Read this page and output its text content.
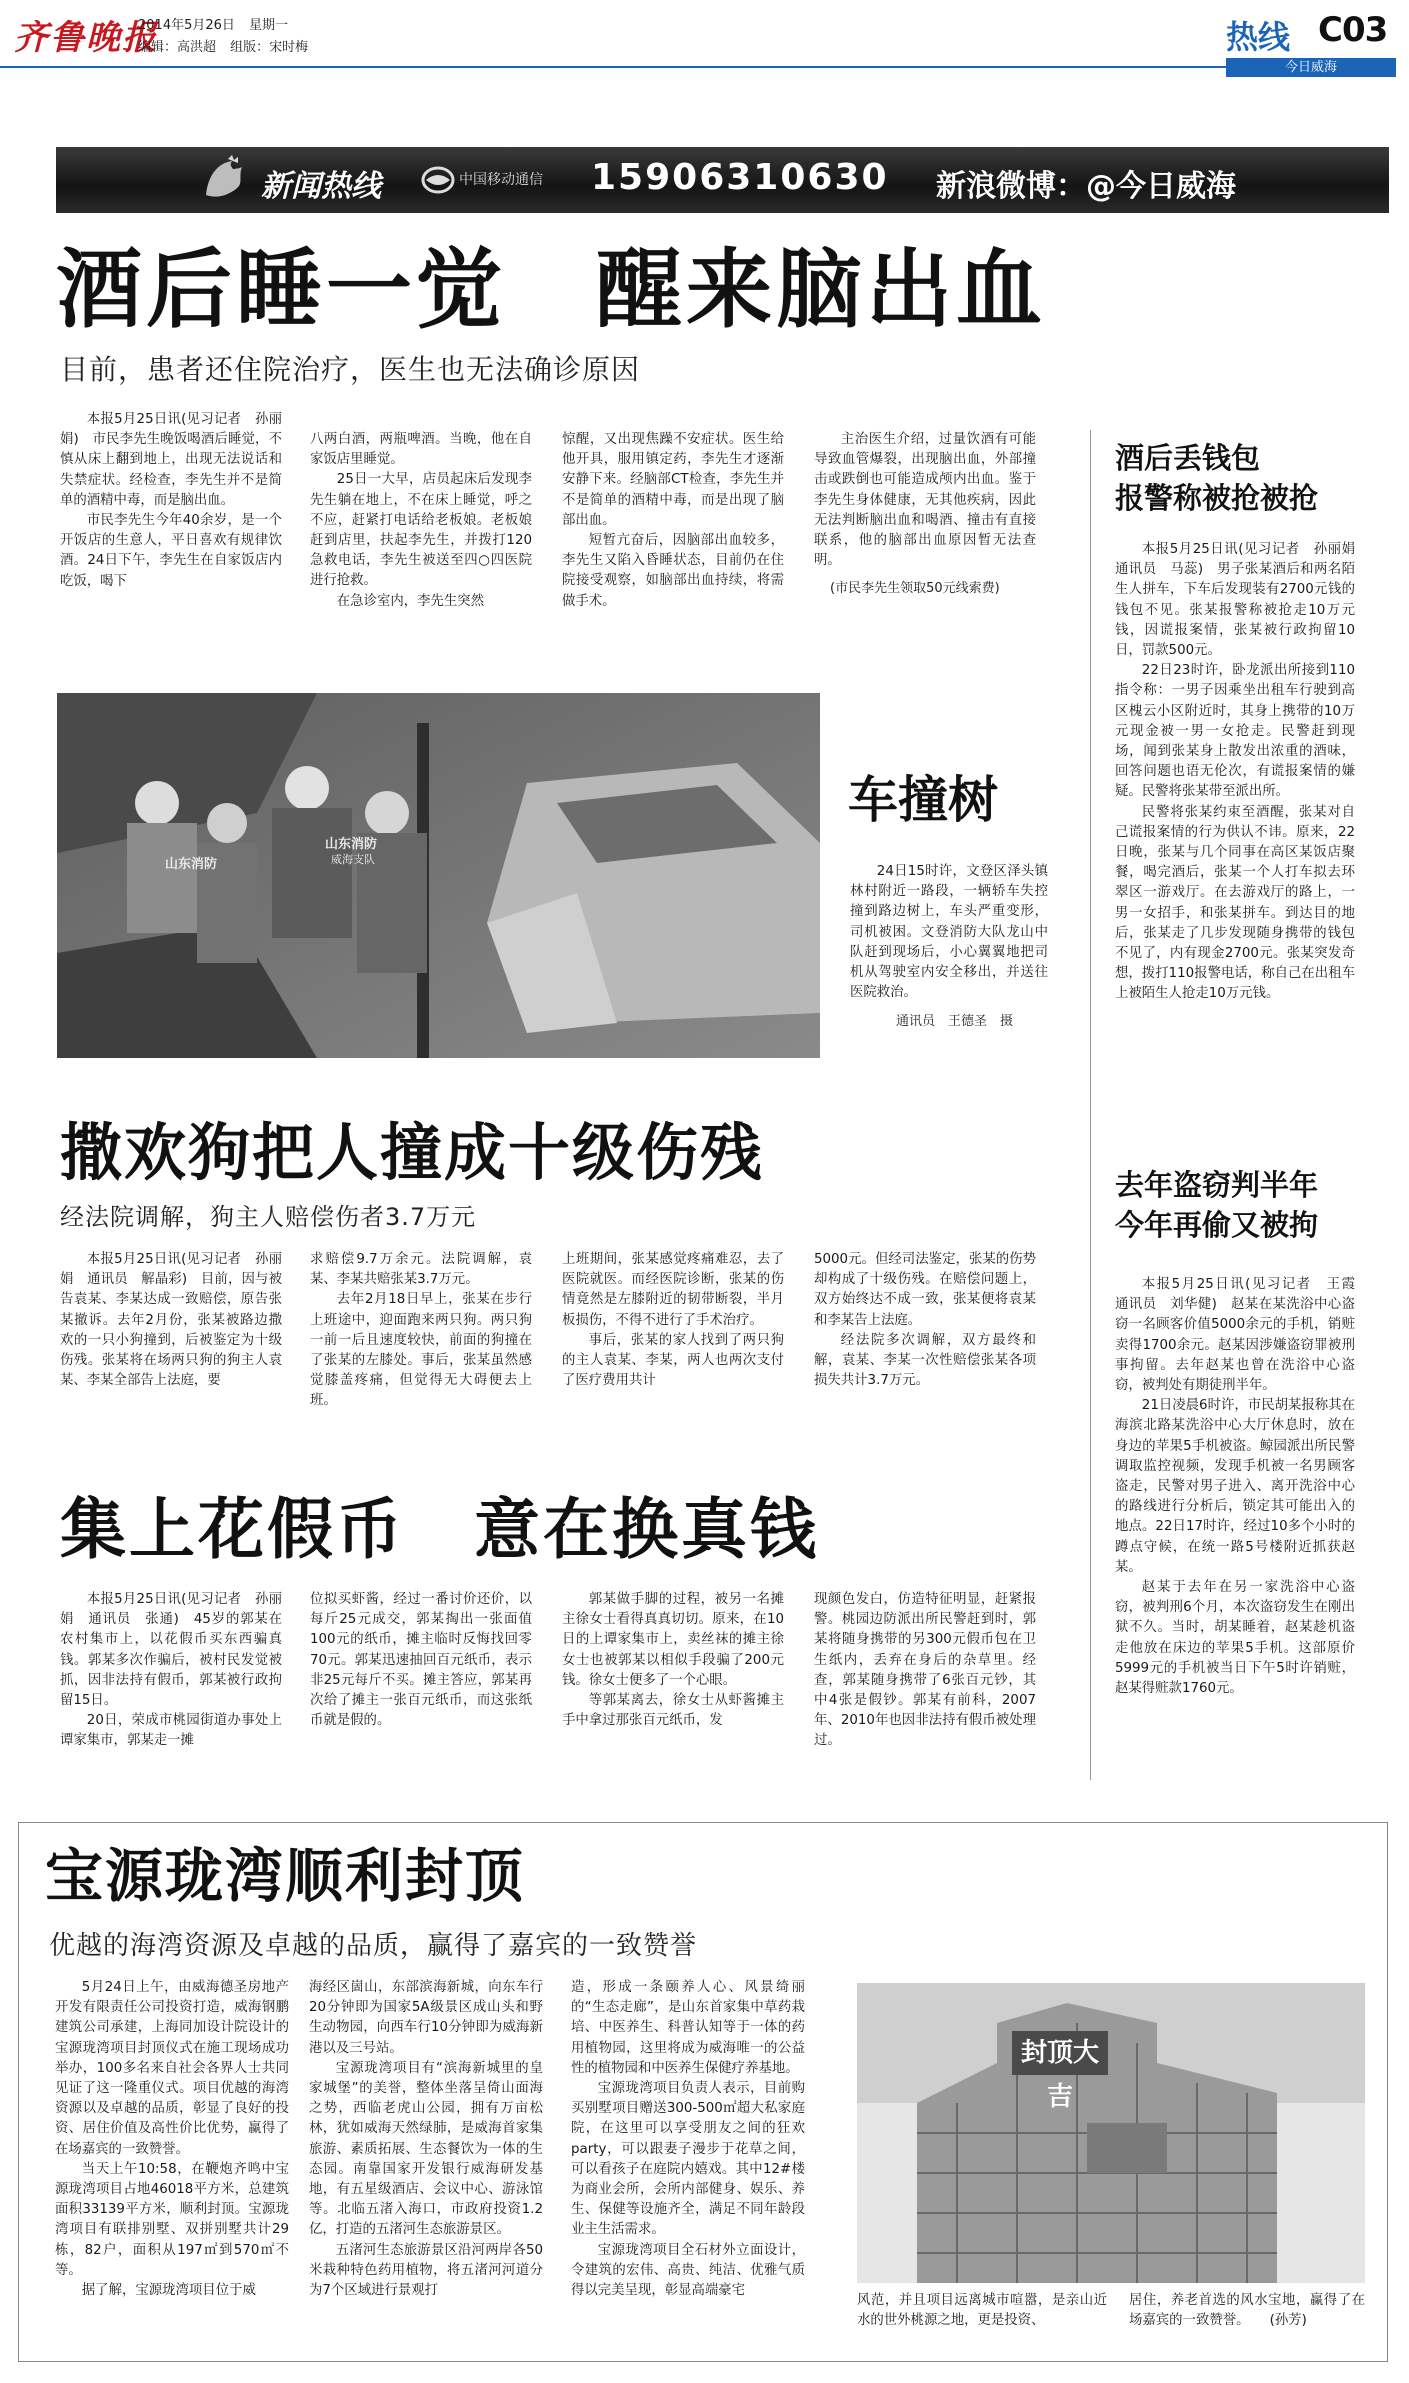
齐鲁晚报
2014年5月26日 星期一
编辑：高洪超 组版：宋时梅	热线 C03
今日威海
新闻热线	中国移动通信 15906310630 新浪微博：@今日威海
酒后睡一觉　醒来脑出血
目前，患者还住院治疗，医生也无法确诊原因

本报5月25日讯(见习记者　孙丽娟)　市民李先生晚饭喝酒后睡觉，不慎从床上翻到地上，出现无法说话和失禁症状。经检查，李先生并不是简单的酒精中毒，而是脑出血。

市民李先生今年40余岁，是一个开饭店的生意人，平日喜欢有规律饮酒。24日下午，李先生在自家饭店内吃饭，喝下

八两白酒，两瓶啤酒。当晚，他在自家饭店里睡觉。

25日一大早，店员起床后发现李先生躺在地上，不在床上睡觉，呼之不应，赶紧打电话给老板娘。老板娘赶到店里，扶起李先生，并拨打120急救电话，李先生被送至四○四医院进行抢救。

在急诊室内，李先生突然

惊醒，又出现焦躁不安症状。医生给他开具，服用镇定药，李先生才逐渐安静下来。经脑部CT检查，李先生并不是简单的酒精中毒，而是出现了脑部出血。

短暂亢奋后，因脑部出血较多，李先生又陷入昏睡状态，目前仍在住院接受观察，如脑部出血持续，将需做手术。

主治医生介绍，过量饮酒有可能导致血管爆裂，出现脑出血，外部撞击或跌倒也可能造成颅内出血。鉴于李先生身体健康，无其他疾病，因此无法判断脑出血和喝酒、撞击有直接联系，他的脑部出血原因暂无法查明。

(市民李先生领取50元线索费)
山东消防
山东消防
威海支队
车撞树

24日15时许，文登区泽头镇林村附近一路段，一辆轿车失控撞到路边树上，车头严重变形，司机被困。文登消防大队龙山中队赶到现场后，小心翼翼地把司机从驾驶室内安全移出，并送往医院救治。

通讯员　王德圣　摄
撒欢狗把人撞成十级伤残
经法院调解，狗主人赔偿伤者3.7万元

本报5月25日讯(见习记者　孙丽娟　通讯员　解晶彩)　目前，因与被告袁某、李某达成一致赔偿，原告张某撤诉。去年2月份，张某被路边撒欢的一只小狗撞到，后被鉴定为十级伤残。张某将在场两只狗的狗主人袁某、李某全部告上法庭，要

求赔偿9.7万余元。法院调解，袁某、李某共赔张某3.7万元。

去年2月18日早上，张某在步行上班途中，迎面跑来两只狗。两只狗一前一后且速度较快，前面的狗撞在了张某的左膝处。事后，张某虽然感觉膝盖疼痛，但觉得无大碍便去上班。

上班期间，张某感觉疼痛难忍，去了医院就医。而经医院诊断，张某的伤情竟然是左膝附近的韧带断裂，半月板损伤，不得不进行了手术治疗。

事后，张某的家人找到了两只狗的主人袁某、李某，两人也两次支付了医疗费用共计

5000元。但经司法鉴定，张某的伤势却构成了十级伤残。在赔偿问题上，双方始终达不成一致，张某便将袁某和李某告上法庭。

经法院多次调解，双方最终和解，袁某、李某一次性赔偿张某各项损失共计3.7万元。

集上花假币　意在换真钱

本报5月25日讯(见习记者　孙丽娟　通讯员　张通)　45岁的郭某在农村集市上，以花假币买东西骗真钱。郭某多次作骗后，被村民发觉被抓，因非法持有假币，郭某被行政拘留15日。

20日，荣成市桃园街道办事处上谭家集市，郭某走一摊

位拟买虾酱，经过一番讨价还价，以每斤25元成交，郭某掏出一张面值100元的纸币，摊主临时反悔找回零70元。郭某迅速抽回百元纸币，表示非25元每斤不买。摊主答应，郭某再次给了摊主一张百元纸币，而这张纸币就是假的。

郭某做手脚的过程，被另一名摊主徐女士看得真真切切。原来，在10日的上谭家集市上，卖丝袜的摊主徐女士也被郭某以相似手段骗了200元钱。徐女士便多了一个心眼。

等郭某离去，徐女士从虾酱摊主手中拿过那张百元纸币，发

现颜色发白，仿造特征明显，赶紧报警。桃园边防派出所民警赶到时，郭某将随身携带的另300元假币包在卫生纸内，丢弃在身后的杂草里。经查，郭某随身携带了6张百元钞，其中4张是假钞。郭某有前科，2007年、2010年也因非法持有假币被处理过。

酒后丢钱包
报警称被抢被抢

本报5月25日讯(见习记者　孙丽娟　通讯员　马蕊)　男子张某酒后和两名陌生人拼车，下车后发现装有2700元钱的钱包不见。张某报警称被抢走10万元钱，因谎报案情，张某被行政拘留10日，罚款500元。

22日23时许，卧龙派出所接到110指令称：一男子因乘坐出租车行驶到高区槐云小区附近时，其身上携带的10万元现金被一男一女抢走。民警赶到现场，闻到张某身上散发出浓重的酒味，回答问题也语无伦次，有谎报案情的嫌疑。民警将张某带至派出所。

民警将张某约束至酒醒，张某对自己谎报案情的行为供认不讳。原来，22日晚，张某与几个同事在高区某饭店聚餐，喝完酒后，张某一个人打车拟去环翠区一游戏厅。在去游戏厅的路上，一男一女招手，和张某拼车。到达目的地后，张某走了几步发现随身携带的钱包不见了，内有现金2700元。张某突发奇想，拨打110报警电话，称自己在出租车上被陌生人抢走10万元钱。

去年盗窃判半年
今年再偷又被拘

本报5月25日讯(见习记者　王霞　通讯员　刘华健)　赵某在某洗浴中心盗窃一名顾客价值5000余元的手机，销赃卖得1700余元。赵某因涉嫌盗窃罪被刑事拘留。去年赵某也曾在洗浴中心盗窃，被判处有期徒刑半年。

21日凌晨6时许，市民胡某报称其在海滨北路某洗浴中心大厅休息时，放在身边的苹果5手机被盗。鲸园派出所民警调取监控视频，发现手机被一名男顾客盗走，民警对男子进入、离开洗浴中心的路线进行分析后，锁定其可能出入的地点。22日17时许，经过10多个小时的蹲点守候，在统一路5号楼附近抓获赵某。

赵某于去年在另一家洗浴中心盗窃，被判刑6个月，本次盗窃发生在刚出狱不久。当时，胡某睡着，赵某趁机盗走他放在床边的苹果5手机。这部原价5999元的手机被当日下午5时许销赃，赵某得赃款1760元。

宝源珑湾顺利封顶
优越的海湾资源及卓越的品质，赢得了嘉宾的一致赞誉

5月24日上午，由威海德圣房地产开发有限责任公司投资打造，威海钢鹏建筑公司承建，上海同加设计院设计的宝源珑湾项目封顶仪式在施工现场成功举办，100多名来自社会各界人士共同见证了这一隆重仪式。项目优越的海湾资源以及卓越的品质，彰显了良好的投资、居住价值及高性价比优势，赢得了在场嘉宾的一致赞誉。

当天上午10:58，在鞭炮齐鸣中宝源珑湾项目占地46018平方米，总建筑面积33139平方米，顺利封顶。宝源珑湾项目有联排别墅、双拼别墅共计29栋，82户，面积从197㎡到570㎡不等。

据了解，宝源珑湾项目位于威

海经区崮山，东部滨海新城，向东车行20分钟即为国家5A级景区成山头和野生动物园，向西车行10分钟即为威海新港以及三号站。

宝源珑湾项目有“滨海新城里的皇家城堡”的美誉，整体坐落呈倚山面海之势，西临老虎山公园，拥有万亩松林，犹如威海天然绿肺，是威海首家集旅游、素质拓展、生态餐饮为一体的生态园。南靠国家开发银行威海研发基地，有五星级酒店、会议中心、游泳馆等。北临五渚入海口，市政府投资1.2亿，打造的五渚河生态旅游景区。

五渚河生态旅游景区沿河两岸各50米栽种特色药用植物，将五渚河河道分为7个区域进行景观打

造，形成一条颐养人心、风景绮丽的“生态走廊”，是山东首家集中草药栽培、中医养生、科普认知等于一体的药用植物园，这里将成为威海唯一的公益性的植物园和中医养生保健疗养基地。

宝源珑湾项目负责人表示，目前购买别墅项目赠送300-500㎡超大私家庭院，在这里可以享受朋友之间的狂欢party，可以跟妻子漫步于花草之间，可以看孩子在庭院内嬉戏。其中12#楼为商业会所，会所内部健身、娱乐、养生、保健等设施齐全，满足不同年龄段业主生活需求。

宝源珑湾项目全石材外立面设计，令建筑的宏伟、高贵、纯洁、优雅气质得以完美呈现，彰显高端豪宅

封顶大吉

风范，并且项目远离城市喧嚣，是亲山近水的世外桃源之地，更是投资、

居住，养老首选的风水宝地，赢得了在场嘉宾的一致赞誉。　　(孙芳)
